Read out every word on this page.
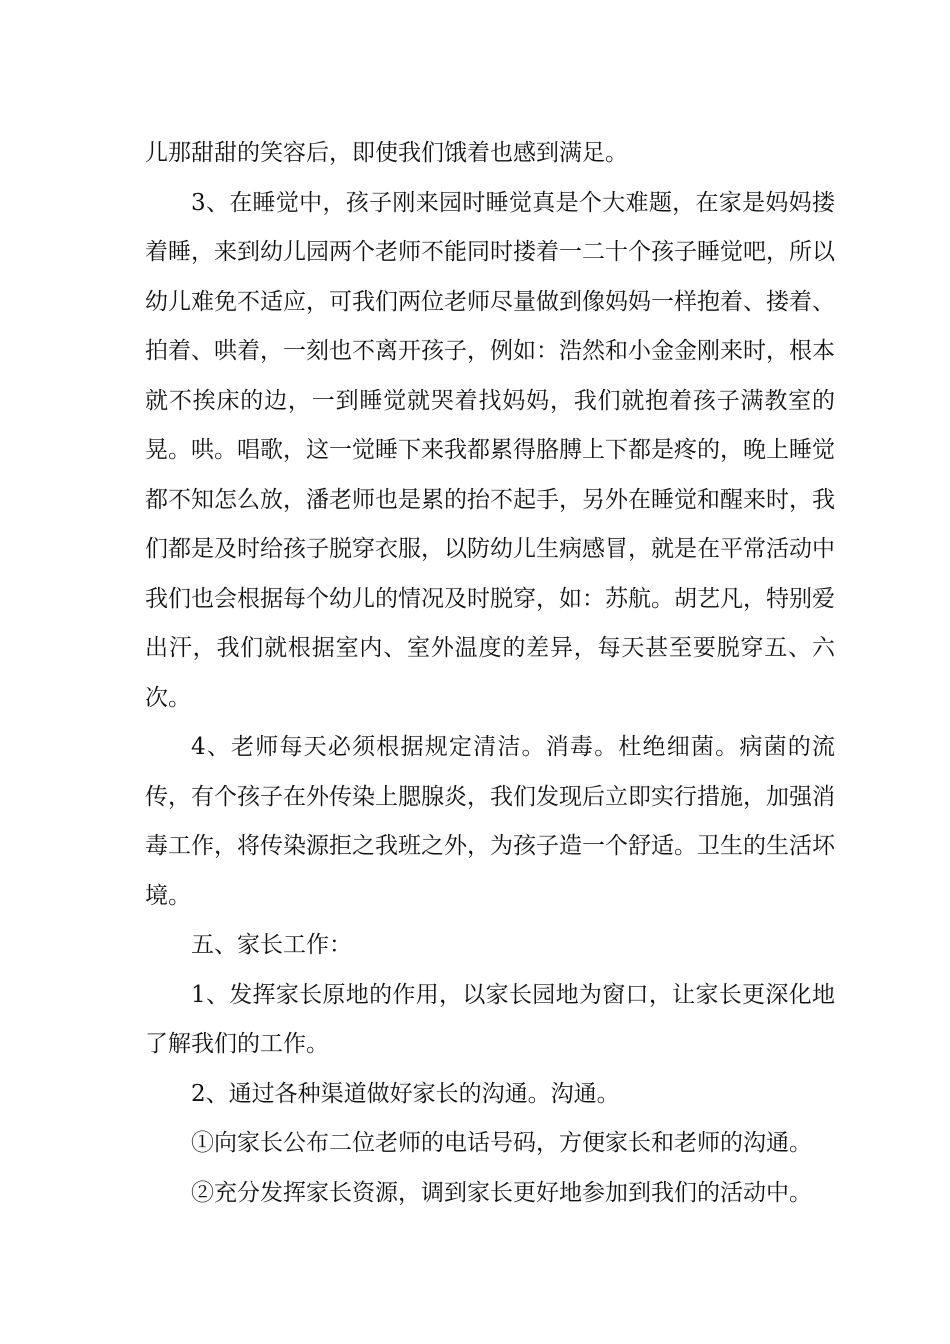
儿那甜甜的笑容后，即使我们饿着也感到满足。

3、在睡觉中，孩子刚来园时睡觉真是个大难题，在家是妈妈搂着睡，来到幼儿园两个老师不能同时搂着一二十个孩子睡觉吧，所以幼儿难免不适应，可我们两位老师尽量做到像妈妈一样抱着、搂着、拍着、哄着，一刻也不离开孩子，例如：浩然和小金金刚来时，根本就不挨床的边，一到睡觉就哭着找妈妈，我们就抱着孩子满教室的晃。哄。唱歌，这一觉睡下来我都累得胳膊上下都是疼的，晚上睡觉都不知怎么放，潘老师也是累的抬不起手，另外在睡觉和醒来时，我们都是及时给孩子脱穿衣服，以防幼儿生病感冒，就是在平常活动中我们也会根据每个幼儿的情况及时脱穿，如：苏航。胡艺凡，特别爱出汗，我们就根据室内、室外温度的差异，每天甚至要脱穿五、六次。

4、老师每天必须根据规定清洁。消毒。杜绝细菌。病菌的流传，有个孩子在外传染上腮腺炎，我们发现后立即实行措施，加强消毒工作，将传染源拒之我班之外，为孩子造一个舒适。卫生的生活坏境。

五、家长工作：

1、发挥家长原地的作用，以家长园地为窗口，让家长更深化地了解我们的工作。

2、通过各种渠道做好家长的沟通。沟通。

①向家长公布二位老师的电话号码，方便家长和老师的沟通。

②充分发挥家长资源，调到家长更好地参加到我们的活动中。
